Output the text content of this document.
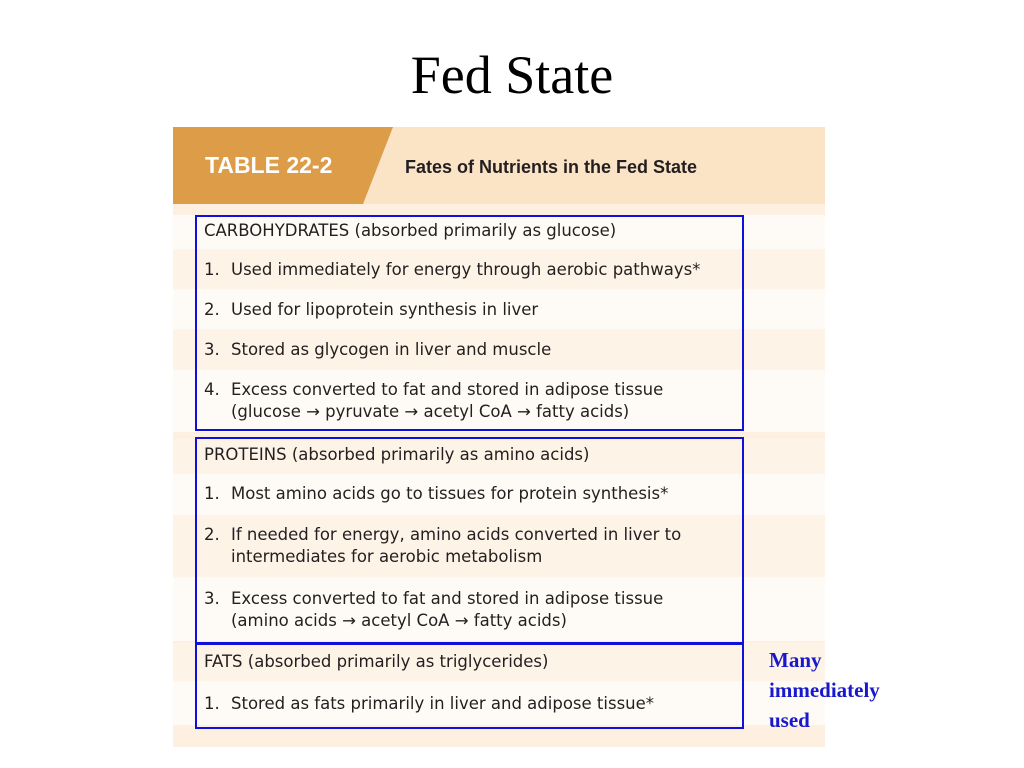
Fed State
TABLE 22-2	Fates of Nutrients in the Fed State
CARBOHYDRATES (absorbed primarily as glucose)
1. Used immediately for energy through aerobic pathways*
2. Used for lipoprotein synthesis in liver
3. Stored as glycogen in liver and muscle
4. Excess converted to fat and stored in adipose tissue
(glucose → pyruvate → acetyl CoA → fatty acids)
PROTEINS (absorbed primarily as amino acids)
1. Most amino acids go to tissues for protein synthesis*
2. If needed for energy, amino acids converted in liver to
intermediates for aerobic metabolism
3. Excess converted to fat and stored in adipose tissue
(amino acids → acetyl CoA → fatty acids)
FATS (absorbed primarily as triglycerides)
1. Stored as fats primarily in liver and adipose tissue*
Many
immediately
used
